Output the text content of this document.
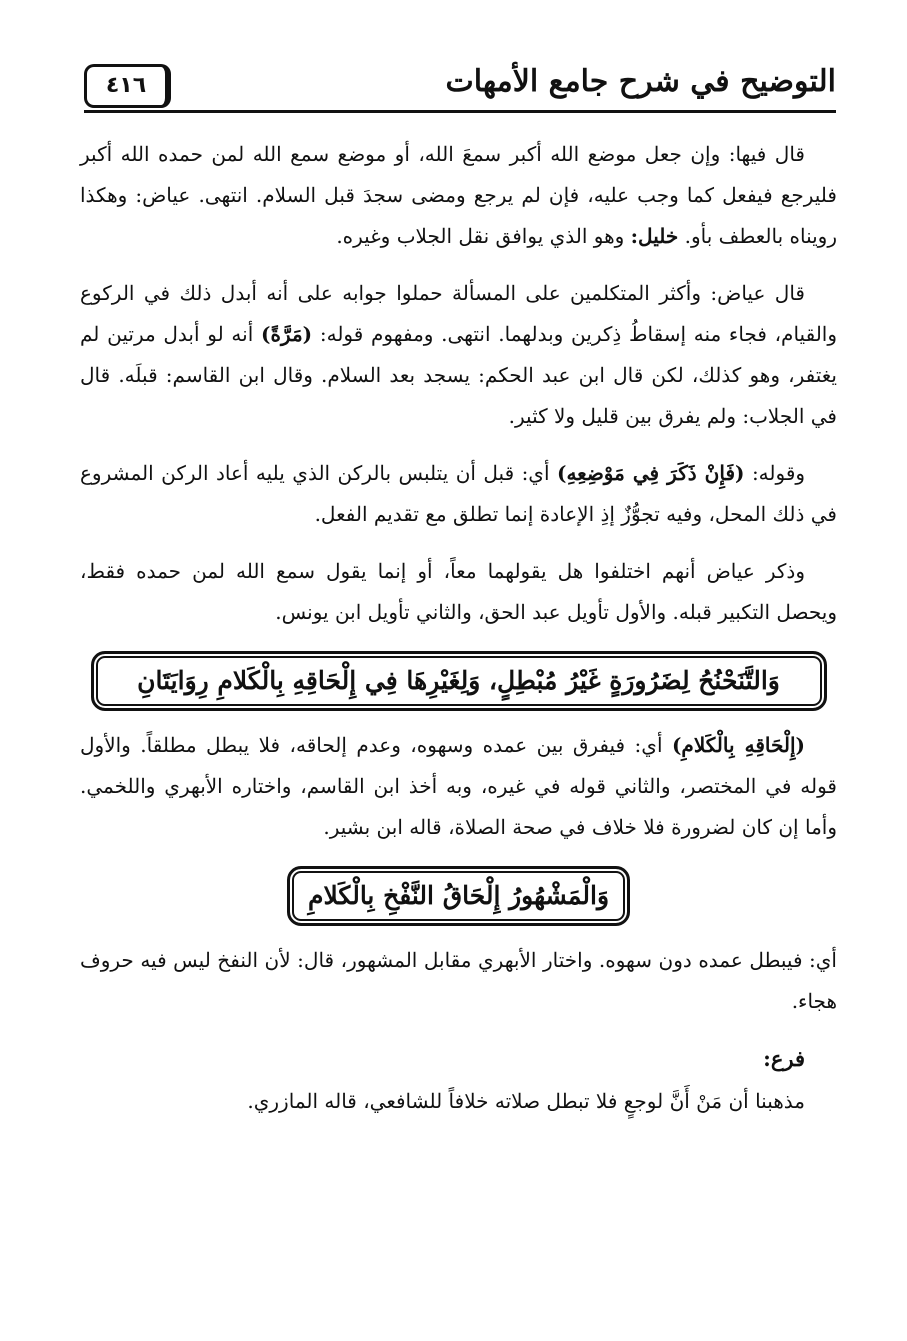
التوضيح في شرح جامع الأمهات
٤١٦

قال فيها: وإن جعل موضع الله أكبر سمعَ الله، أو موضع سمع الله لمن حمده الله أكبر فليرجع فيفعل كما وجب عليه، فإن لم يرجع ومضى سجدَ قبل السلام. انتهى. عياض: وهكذا رويناه بالعطف بأو. خليل: وهو الذي يوافق نقل الجلاب وغيره.

قال عياض: وأكثر المتكلمين على المسألة حملوا جوابه على أنه أبدل ذلك في الركوع والقيام، فجاء منه إسقاطُ ذِكرين وبدلهما. انتهى. ومفهوم قوله: (مَرَّةً) أنه لو أبدل مرتين لم يغتفر، وهو كذلك، لكن قال ابن عبد الحكم: يسجد بعد السلام. وقال ابن القاسم: قبلَه. قال في الجلاب: ولم يفرق بين قليل ولا كثير.

وقوله: (فَإِنْ ذَكَرَ فِي مَوْضِعِهِ) أي: قبل أن يتلبس بالركن الذي يليه أعاد الركن المشروع في ذلك المحل، وفيه تجوُّزٌ إذِ الإعادة إنما تطلق مع تقديم الفعل.

وذكر عياض أنهم اختلفوا هل يقولهما معاً، أو إنما يقول سمع الله لمن حمده فقط، ويحصل التكبير قبله. والأول تأويل عبد الحق، والثاني تأويل ابن يونس.

وَالتَّنَحْنُحُ لِضَرُورَةٍ غَيْرُ مُبْطِلٍ، وَلِغَيْرِهَا فِي إِلْحَاقِهِ بِالْكَلامِ رِوَايَتَانِ

(إِلْحَاقِهِ بِالْكَلامِ) أي: فيفرق بين عمده وسهوه، وعدم إلحاقه، فلا يبطل مطلقاً. والأول قوله في المختصر، والثاني قوله في غيره، وبه أخذ ابن القاسم، واختاره الأبهري واللخمي. وأما إن كان لضرورة فلا خلاف في صحة الصلاة، قاله ابن بشير.

وَالْمَشْهُورُ إِلْحَاقُ النَّفْخِ بِالْكَلامِ

أي: فيبطل عمده دون سهوه. واختار الأبهري مقابل المشهور، قال: لأن النفخ ليس فيه حروف هجاء.

فرع:

مذهبنا أن مَنْ أَنَّ لوجعٍ فلا تبطل صلاته خلافاً للشافعي، قاله المازري.
